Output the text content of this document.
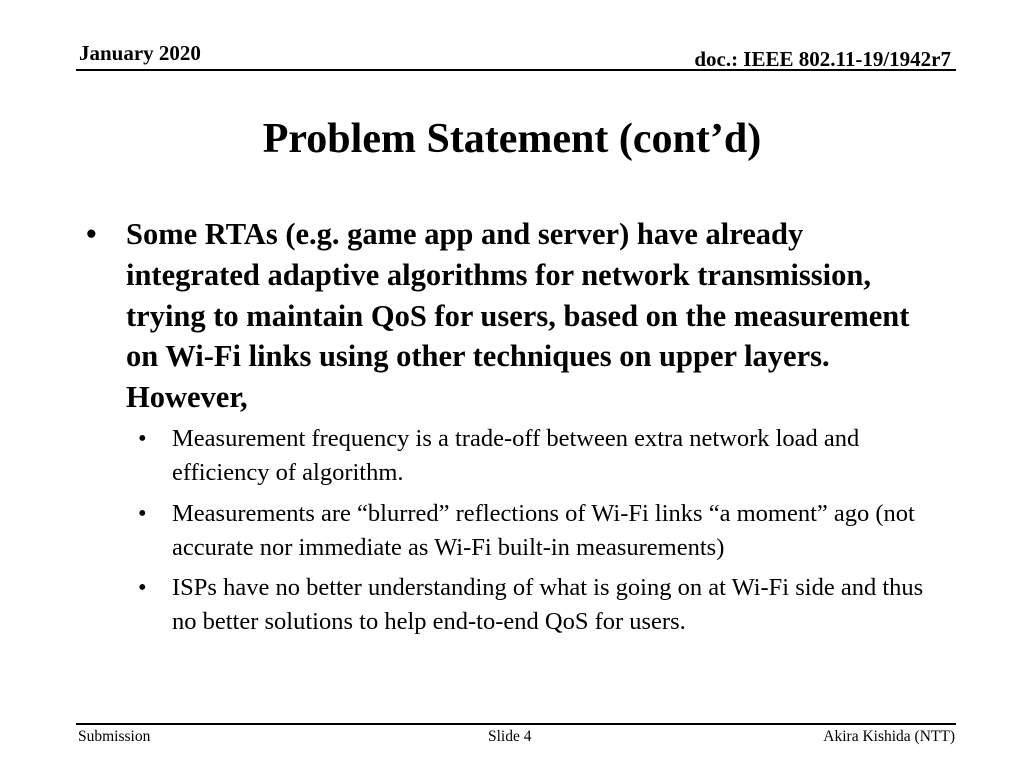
January 2020	doc.: IEEE 802.11-19/1942r7
Problem Statement (cont’d)
• Some RTAs (e.g. game app and server) have already integrated adaptive algorithms for network transmission, trying to maintain QoS for users, based on the measurement on Wi-Fi links using other techniques on upper layers. However,
• Measurement frequency is a trade-off between extra network load and efficiency of algorithm.
• Measurements are “blurred” reflections of Wi-Fi links “a moment” ago (not accurate nor immediate as Wi-Fi built-in measurements)
• ISPs have no better understanding of what is going on at Wi-Fi side and thus no better solutions to help end-to-end QoS for users.
Submission	Slide 4	Akira Kishida (NTT)
